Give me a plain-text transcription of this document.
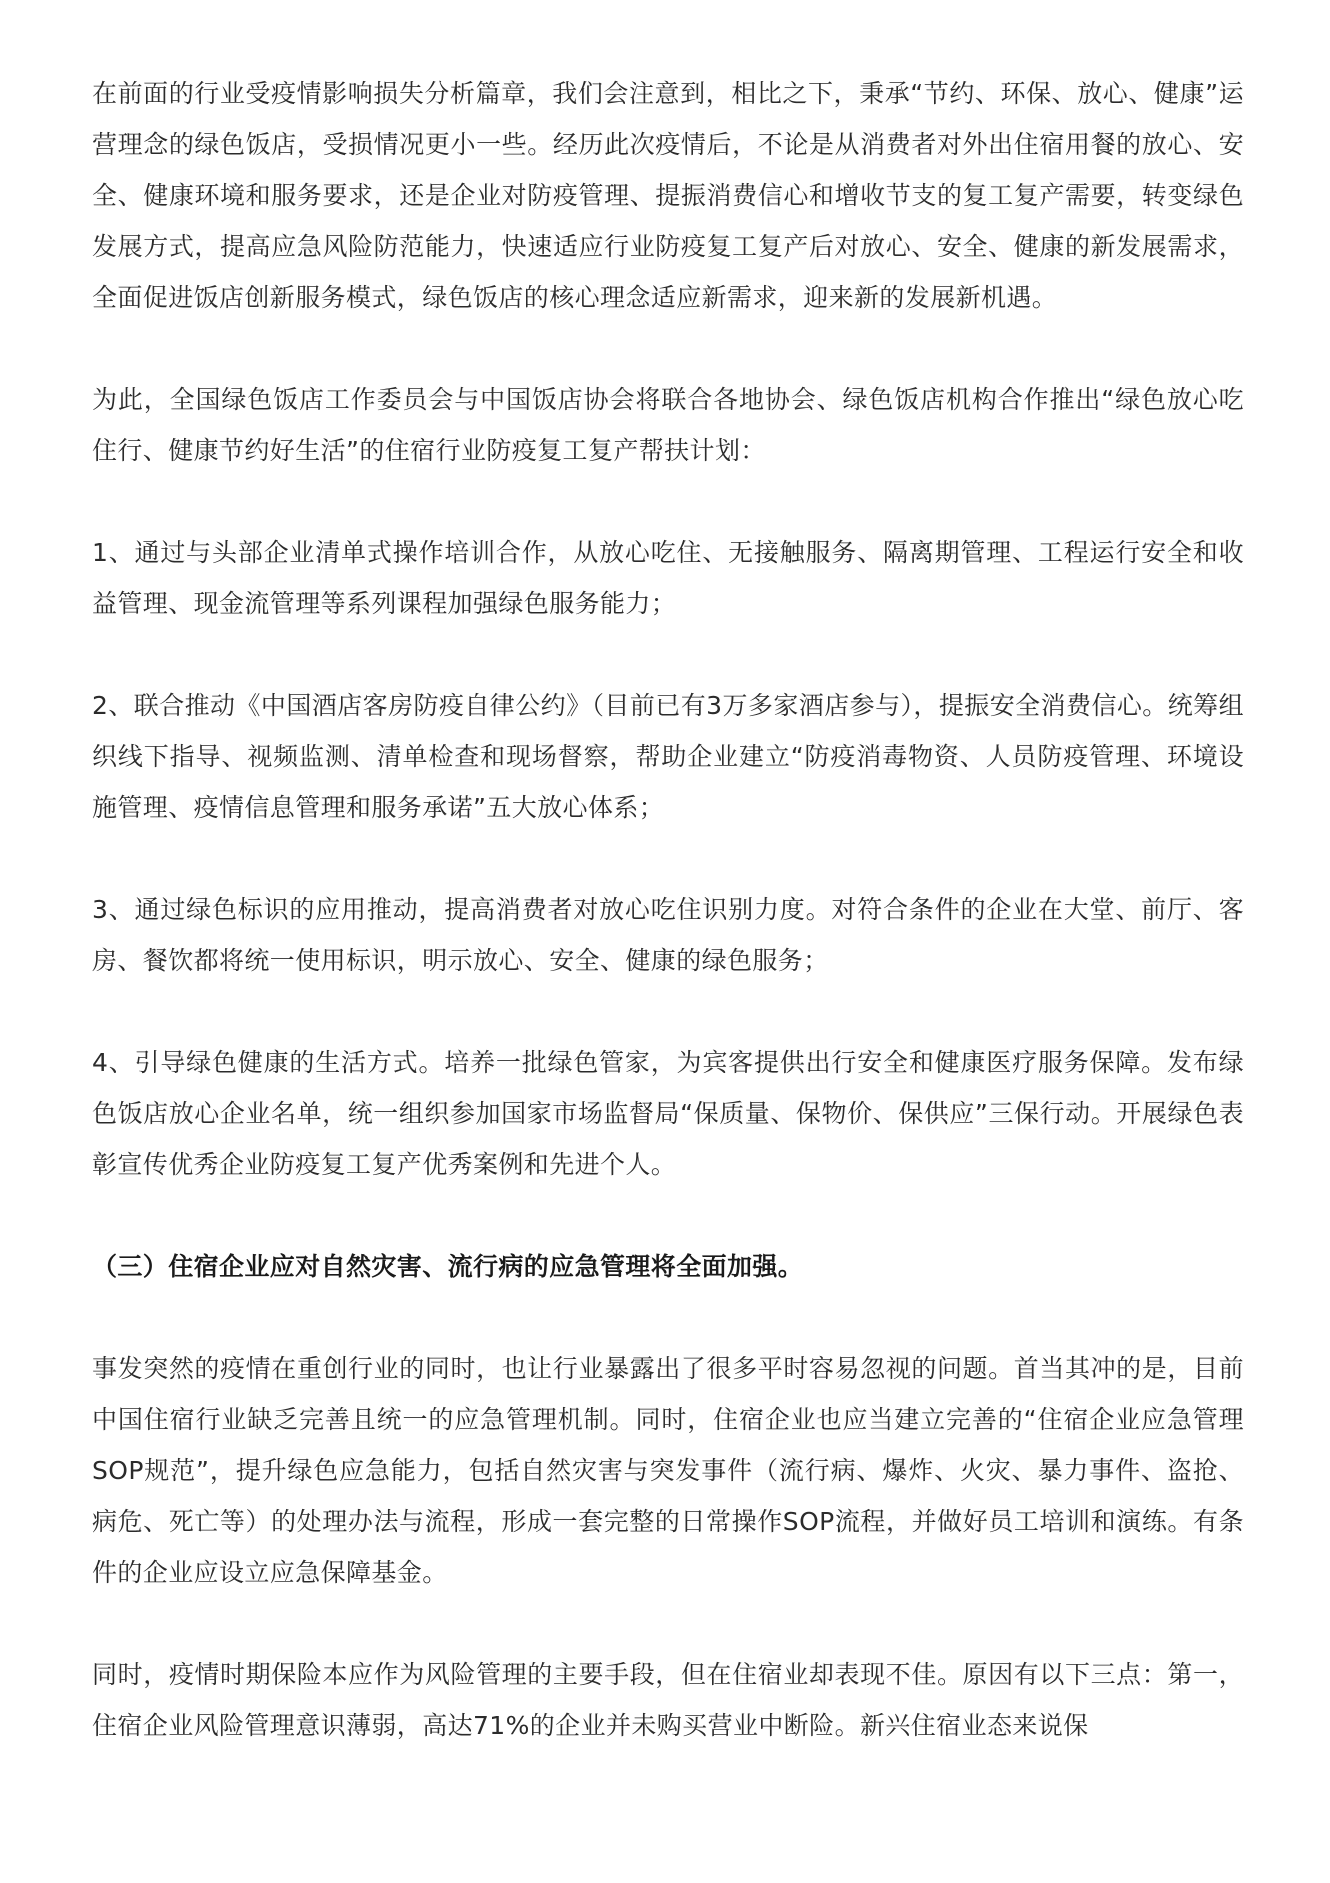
在前面的行业受疫情影响损失分析篇章，我们会注意到，相比之下，秉承“节约、环保、放心、健康”运营理念的绿色饭店，受损情况更小一些。经历此次疫情后，不论是从消费者对外出住宿用餐的放心、安全、健康环境和服务要求，还是企业对防疫管理、提振消费信心和增收节支的复工复产需要，转变绿色发展方式，提高应急风险防范能力，快速适应行业防疫复工复产后对放心、安全、健康的新发展需求，全面促进饭店创新服务模式，绿色饭店的核心理念适应新需求，迎来新的发展新机遇。

为此，全国绿色饭店工作委员会与中国饭店协会将联合各地协会、绿色饭店机构合作推出“绿色放心吃住行、健康节约好生活”的住宿行业防疫复工复产帮扶计划：

1、通过与头部企业清单式操作培训合作，从放心吃住、无接触服务、隔离期管理、工程运行安全和收益管理、现金流管理等系列课程加强绿色服务能力；

2、联合推动《中国酒店客房防疫自律公约》（目前已有3万多家酒店参与），提振安全消费信心。统筹组织线下指导、视频监测、清单检查和现场督察，帮助企业建立“防疫消毒物资、人员防疫管理、环境设施管理、疫情信息管理和服务承诺”五大放心体系；

3、通过绿色标识的应用推动，提高消费者对放心吃住识别力度。对符合条件的企业在大堂、前厅、客房、餐饮都将统一使用标识，明示放心、安全、健康的绿色服务；

4、引导绿色健康的生活方式。培养一批绿色管家，为宾客提供出行安全和健康医疗服务保障。发布绿色饭店放心企业名单，统一组织参加国家市场监督局“保质量、保物价、保供应”三保行动。开展绿色表彰宣传优秀企业防疫复工复产优秀案例和先进个人。

（三）住宿企业应对自然灾害、流行病的应急管理将全面加强。

事发突然的疫情在重创行业的同时，也让行业暴露出了很多平时容易忽视的问题。首当其冲的是，目前中国住宿行业缺乏完善且统一的应急管理机制。同时，住宿企业也应当建立完善的“住宿企业应急管理SOP规范”，提升绿色应急能力，包括自然灾害与突发事件（流行病、爆炸、火灾、暴力事件、盗抢、病危、死亡等）的处理办法与流程，形成一套完整的日常操作SOP流程，并做好员工培训和演练。有条件的企业应设立应急保障基金。

同时，疫情时期保险本应作为风险管理的主要手段，但在住宿业却表现不佳。原因有以下三点：第一，住宿企业风险管理意识薄弱，高达71%的企业并未购买营业中断险。新兴住宿业态来说保
